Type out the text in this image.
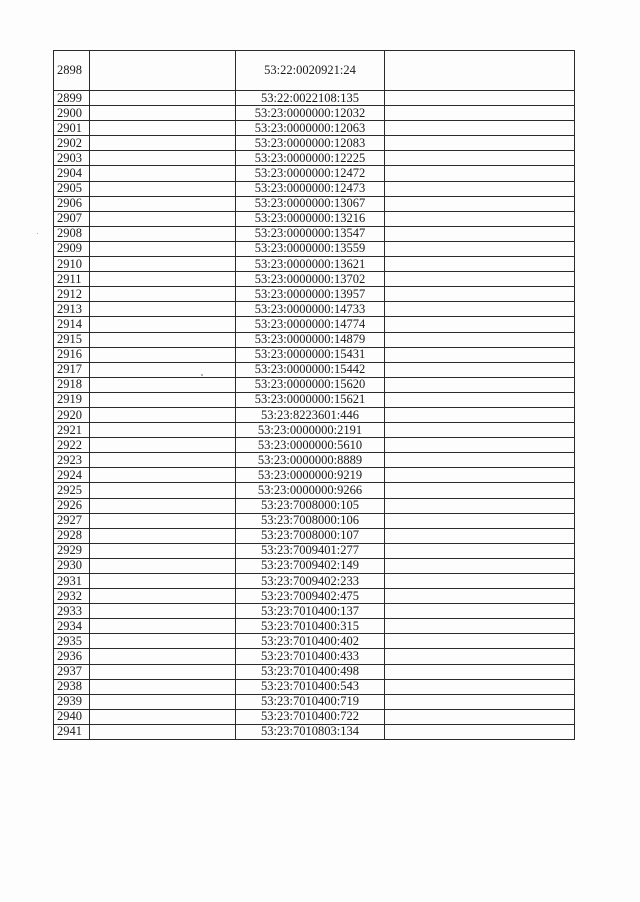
2898		53:22:0020921:24	
2899		53:22:0022108:135	
2900		53:23:0000000:12032	
2901		53:23:0000000:12063	
2902		53:23:0000000:12083	
2903		53:23:0000000:12225	
2904		53:23:0000000:12472	
2905		53:23:0000000:12473	
2906		53:23:0000000:13067	
2907		53:23:0000000:13216	
2908		53:23:0000000:13547	
2909		53:23:0000000:13559	
2910		53:23:0000000:13621	
2911		53:23:0000000:13702	
2912		53:23:0000000:13957	
2913		53:23:0000000:14733	
2914		53:23:0000000:14774	
2915		53:23:0000000:14879	
2916		53:23:0000000:15431	
2917		53:23:0000000:15442	
2918		53:23:0000000:15620	
2919		53:23:0000000:15621	
2920		53:23:8223601:446	
2921		53:23:0000000:2191	
2922		53:23:0000000:5610	
2923		53:23:0000000:8889	
2924		53:23:0000000:9219	
2925		53:23:0000000:9266	
2926		53:23:7008000:105	
2927		53:23:7008000:106	
2928		53:23:7008000:107	
2929		53:23:7009401:277	
2930		53:23:7009402:149	
2931		53:23:7009402:233	
2932		53:23:7009402:475	
2933		53:23:7010400:137	
2934		53:23:7010400:315	
2935		53:23:7010400:402	
2936		53:23:7010400:433	
2937		53:23:7010400:498	
2938		53:23:7010400:543	
2939		53:23:7010400:719	
2940		53:23:7010400:722	
2941		53:23:7010803:134	
